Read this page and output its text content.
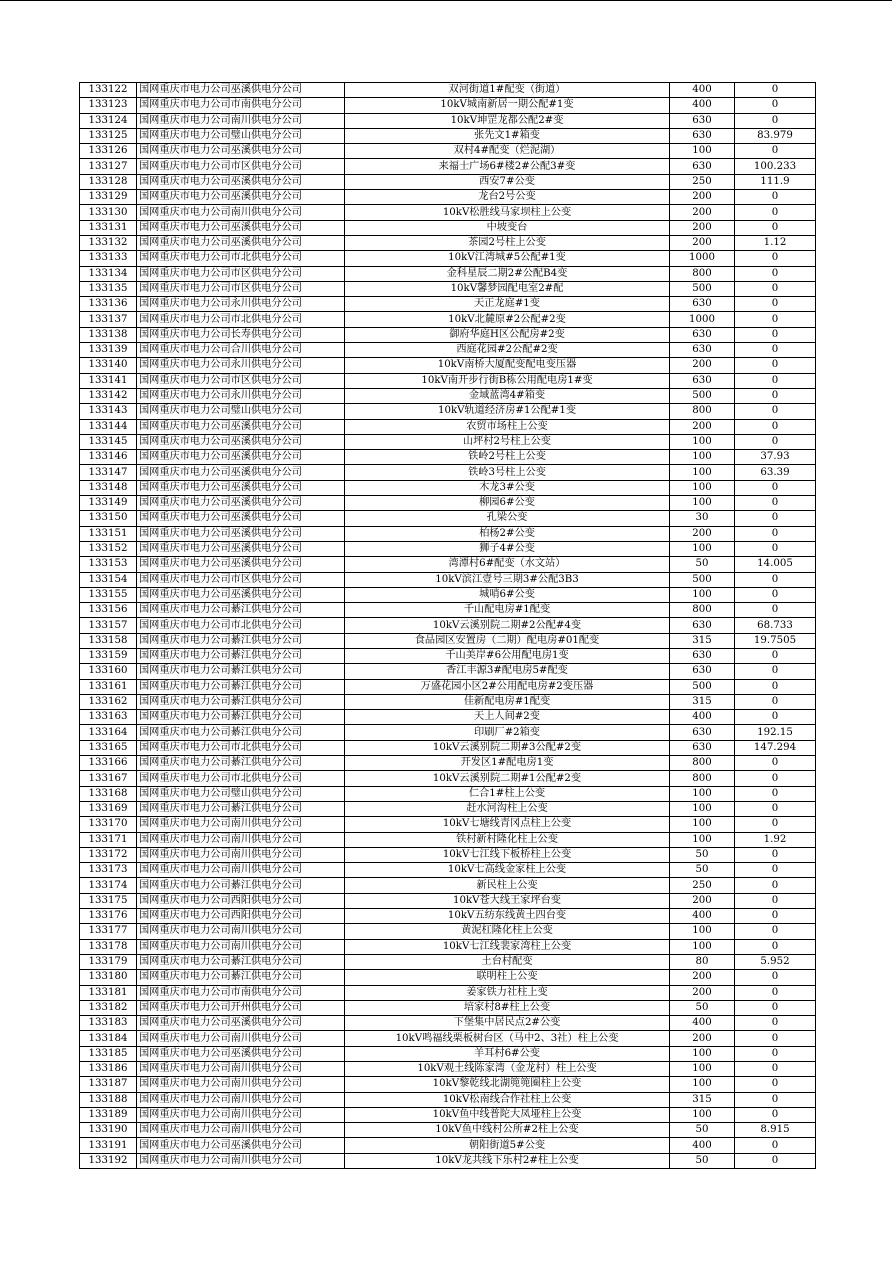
133122	国网重庆市电力公司巫溪供电分公司	双河街道1#配变（街道）	400	0
133123	国网重庆市电力公司市南供电分公司	10kV城南新居一期公配#1变	400	0
133124	国网重庆市电力公司南川供电分公司	10kV坤罡龙都公配2#变	630	0
133125	国网重庆市电力公司璧山供电分公司	张先文1#箱变	630	83.979
133126	国网重庆市电力公司巫溪供电分公司	双村4#配变（烂泥湖）	100	0
133127	国网重庆市电力公司市区供电分公司	来福士广场6#楼2#公配3#变	630	100.233
133128	国网重庆市电力公司巫溪供电分公司	西安7#公变	250	111.9
133129	国网重庆市电力公司巫溪供电分公司	龙台2号公变	200	0
133130	国网重庆市电力公司南川供电分公司	10kV松胜线马家坝柱上公变	200	0
133131	国网重庆市电力公司巫溪供电分公司	中坡变台	200	0
133132	国网重庆市电力公司巫溪供电分公司	茶园2号柱上公变	200	1.12
133133	国网重庆市电力公司市北供电分公司	10kV江湾城#5公配#1变	1000	0
133134	国网重庆市电力公司市区供电分公司	金科星辰二期2#公配B4变	800	0
133135	国网重庆市电力公司市区供电分公司	10kV馨梦园配电室2#配	500	0
133136	国网重庆市电力公司永川供电分公司	天正龙庭#1变	630	0
133137	国网重庆市电力公司市北供电分公司	10kV北麓原#2公配#2变	1000	0
133138	国网重庆市电力公司长寿供电分公司	御府华庭H区公配房#2变	630	0
133139	国网重庆市电力公司合川供电分公司	西庭花园#2公配#2变	630	0
133140	国网重庆市电力公司永川供电分公司	10kV南桥大厦配变配电变压器	200	0
133141	国网重庆市电力公司市区供电分公司	10kV南开步行街B栋公用配电房1#变	630	0
133142	国网重庆市电力公司永川供电分公司	金域蓝湾4#箱变	500	0
133143	国网重庆市电力公司璧山供电分公司	10kV轨道经济房#1公配#1变	800	0
133144	国网重庆市电力公司巫溪供电分公司	农贸市场柱上公变	200	0
133145	国网重庆市电力公司巫溪供电分公司	山坪村2号柱上公变	100	0
133146	国网重庆市电力公司巫溪供电分公司	铁岭2号柱上公变	100	37.93
133147	国网重庆市电力公司巫溪供电分公司	铁岭3号柱上公变	100	63.39
133148	国网重庆市电力公司巫溪供电分公司	木龙3#公变	100	0
133149	国网重庆市电力公司巫溪供电分公司	柳园6#公变	100	0
133150	国网重庆市电力公司巫溪供电分公司	孔梁公变	30	0
133151	国网重庆市电力公司巫溪供电分公司	柏杨2#公变	200	0
133152	国网重庆市电力公司巫溪供电分公司	狮子4#公变	100	0
133153	国网重庆市电力公司巫溪供电分公司	湾潭村6#配变（水文站）	50	14.005
133154	国网重庆市电力公司市区供电分公司	10kV滨江壹号三期3#公配3B3	500	0
133155	国网重庆市电力公司巫溪供电分公司	城哨6#公变	100	0
133156	国网重庆市电力公司綦江供电分公司	千山配电房#1配变	800	0
133157	国网重庆市电力公司市北供电分公司	10kV云溪别院二期#2公配#4变	630	68.733
133158	国网重庆市电力公司綦江供电分公司	食品园区安置房（二期）配电房#01配变	315	19.7505
133159	国网重庆市电力公司綦江供电分公司	千山美岸#6公用配电房1变	630	0
133160	国网重庆市电力公司綦江供电分公司	香江丰源3#配电房5#配变	630	0
133161	国网重庆市电力公司綦江供电分公司	万盛花园小区2#公用配电房#2变压器	500	0
133162	国网重庆市电力公司綦江供电分公司	佳新配电房#1配变	315	0
133163	国网重庆市电力公司綦江供电分公司	天上人间#2变	400	0
133164	国网重庆市电力公司綦江供电分公司	印刷厂#2箱变	630	192.15
133165	国网重庆市电力公司市北供电分公司	10kV云溪别院二期#3公配#2变	630	147.294
133166	国网重庆市电力公司綦江供电分公司	开发区1#配电房1变	800	0
133167	国网重庆市电力公司市北供电分公司	10kV云溪别院二期#1公配#2变	800	0
133168	国网重庆市电力公司璧山供电分公司	仁合1#柱上公变	100	0
133169	国网重庆市电力公司綦江供电分公司	赶水河沟柱上公变	100	0
133170	国网重庆市电力公司南川供电分公司	10kV七塘线青冈点柱上公变	100	0
133171	国网重庆市电力公司南川供电分公司	铁村新村隆化柱上公变	100	1.92
133172	国网重庆市电力公司南川供电分公司	10kV七江线下板桥柱上公变	50	0
133173	国网重庆市电力公司南川供电分公司	10kV七高线金家柱上公变	50	0
133174	国网重庆市电力公司綦江供电分公司	新民柱上公变	250	0
133175	国网重庆市电力公司西阳供电分公司	10kV苍大线王家坪台变	200	0
133176	国网重庆市电力公司西阳供电分公司	10kV五纺东线黄土四台变	400	0
133177	国网重庆市电力公司南川供电分公司	黄泥杠隆化柱上公变	100	0
133178	国网重庆市电力公司南川供电分公司	10kV七江线裴家湾柱上公变	100	0
133179	国网重庆市电力公司綦江供电分公司	土台村配变	80	5.952
133180	国网重庆市电力公司綦江供电分公司	联明柱上公变	200	0
133181	国网重庆市电力公司市南供电分公司	姜家铁力社柱上变	200	0
133182	国网重庆市电力公司开州供电分公司	培家村8#柱上公变	50	0
133183	国网重庆市电力公司巫溪供电分公司	下堡集中居民点2#公变	400	0
133184	国网重庆市电力公司南川供电分公司	10kV鸣福线栗板树台区（马中2、3社）柱上公变	200	0
133185	国网重庆市电力公司巫溪供电分公司	羊耳村6#公变	100	0
133186	国网重庆市电力公司南川供电分公司	10kV观土线陈家湾（金龙村）柱上公变	100	0
133187	国网重庆市电力公司南川供电分公司	10kV黎乾线北湖篼篼圈柱上公变	100	0
133188	国网重庆市电力公司南川供电分公司	10kV松南线合作社柱上公变	315	0
133189	国网重庆市电力公司南川供电分公司	10kV鱼中线普陀大凤垭柱上公变	100	0
133190	国网重庆市电力公司南川供电分公司	10kV鱼中线村公所#2柱上公变	50	8.915
133191	国网重庆市电力公司巫溪供电分公司	朝阳街道5#公变	400	0
133192	国网重庆市电力公司南川供电分公司	10kV龙共线下乐村2#柱上公变	50	0
